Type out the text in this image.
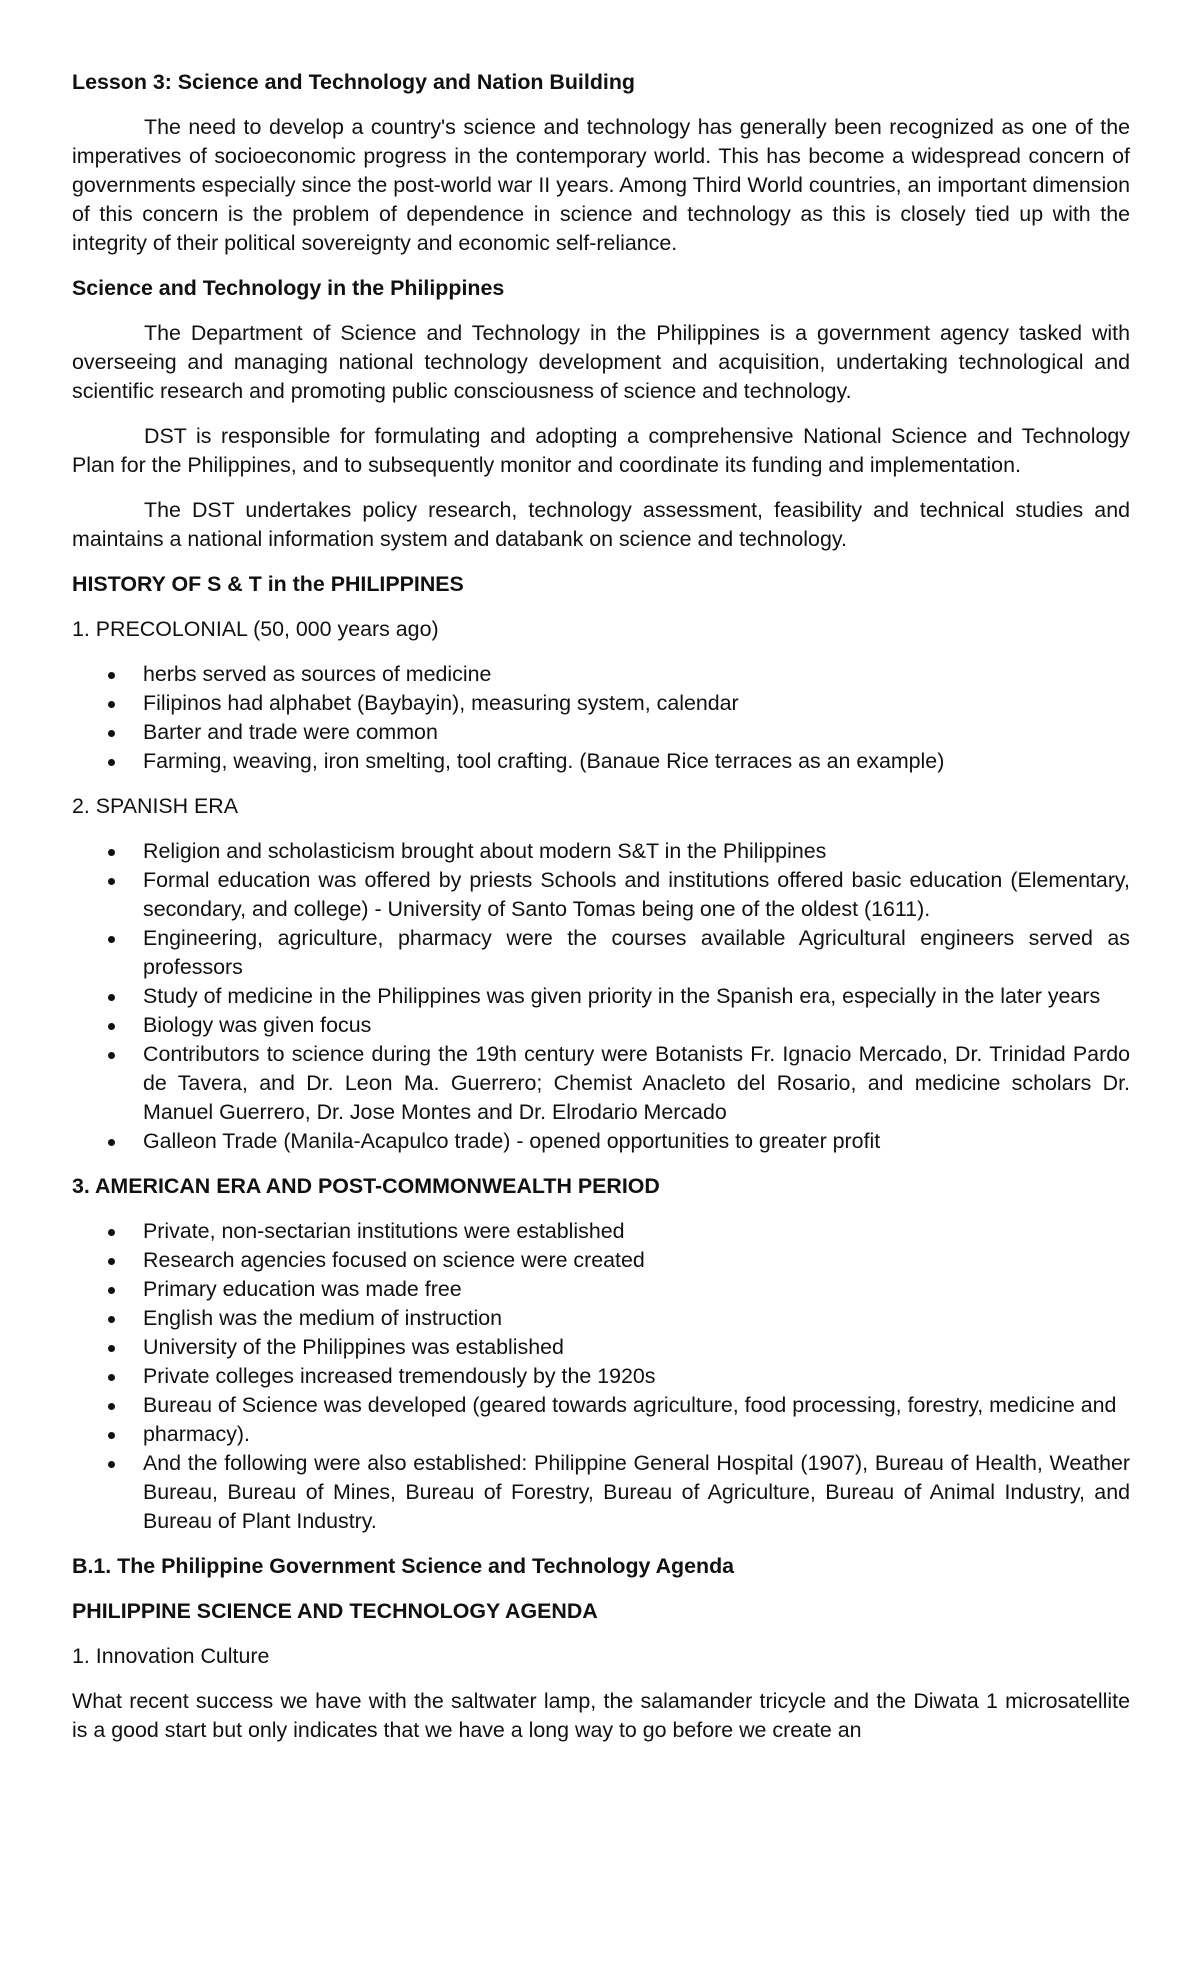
Lesson 3: Science and Technology and Nation Building

The need to develop a country's science and technology has generally been recognized as one of the imperatives of socioeconomic progress in the contemporary world. This has become a widespread concern of governments especially since the post-world war II years. Among Third World countries, an important dimension of this concern is the problem of dependence in science and technology as this is closely tied up with the integrity of their political sovereignty and economic self-reliance.

Science and Technology in the Philippines

The Department of Science and Technology in the Philippines is a government agency tasked with overseeing and managing national technology development and acquisition, undertaking technological and scientific research and promoting public consciousness of science and technology.

DST is responsible for formulating and adopting a comprehensive National Science and Technology Plan for the Philippines, and to subsequently monitor and coordinate its funding and implementation.

The DST undertakes policy research, technology assessment, feasibility and technical studies and maintains a national information system and databank on science and technology.

HISTORY OF S & T in the PHILIPPINES
1. PRECOLONIAL (50, 000 years ago)
herbs served as sources of medicine
Filipinos had alphabet (Baybayin), measuring system, calendar
Barter and trade were common
Farming, weaving, iron smelting, tool crafting. (Banaue Rice terraces as an example)
2. SPANISH ERA
Religion and scholasticism brought about modern S&T in the Philippines
Formal education was offered by priests Schools and institutions offered basic education (Elementary, secondary, and college) - University of Santo Tomas being one of the oldest (1611).
Engineering, agriculture, pharmacy were the courses available Agricultural engineers served as professors
Study of medicine in the Philippines was given priority in the Spanish era, especially in the later years
Biology was given focus
Contributors to science during the 19th century were Botanists Fr. Ignacio Mercado, Dr. Trinidad Pardo de Tavera, and Dr. Leon Ma. Guerrero; Chemist Anacleto del Rosario, and medicine scholars Dr. Manuel Guerrero, Dr. Jose Montes and Dr. Elrodario Mercado
Galleon Trade (Manila-Acapulco trade) - opened opportunities to greater profit
3. AMERICAN ERA AND POST-COMMONWEALTH PERIOD
Private, non-sectarian institutions were established
Research agencies focused on science were created
Primary education was made free
English was the medium of instruction
University of the Philippines was established
Private colleges increased tremendously by the 1920s
Bureau of Science was developed (geared towards agriculture, food processing, forestry, medicine and
pharmacy).
And the following were also established: Philippine General Hospital (1907), Bureau of Health, Weather Bureau, Bureau of Mines, Bureau of Forestry, Bureau of Agriculture, Bureau of Animal Industry, and Bureau of Plant Industry.
B.1. The Philippine Government Science and Technology Agenda
PHILIPPINE SCIENCE AND TECHNOLOGY AGENDA
1. Innovation Culture

What recent success we have with the saltwater lamp, the salamander tricycle and the Diwata 1 microsatellite is a good start but only indicates that we have a long way to go before we create an
